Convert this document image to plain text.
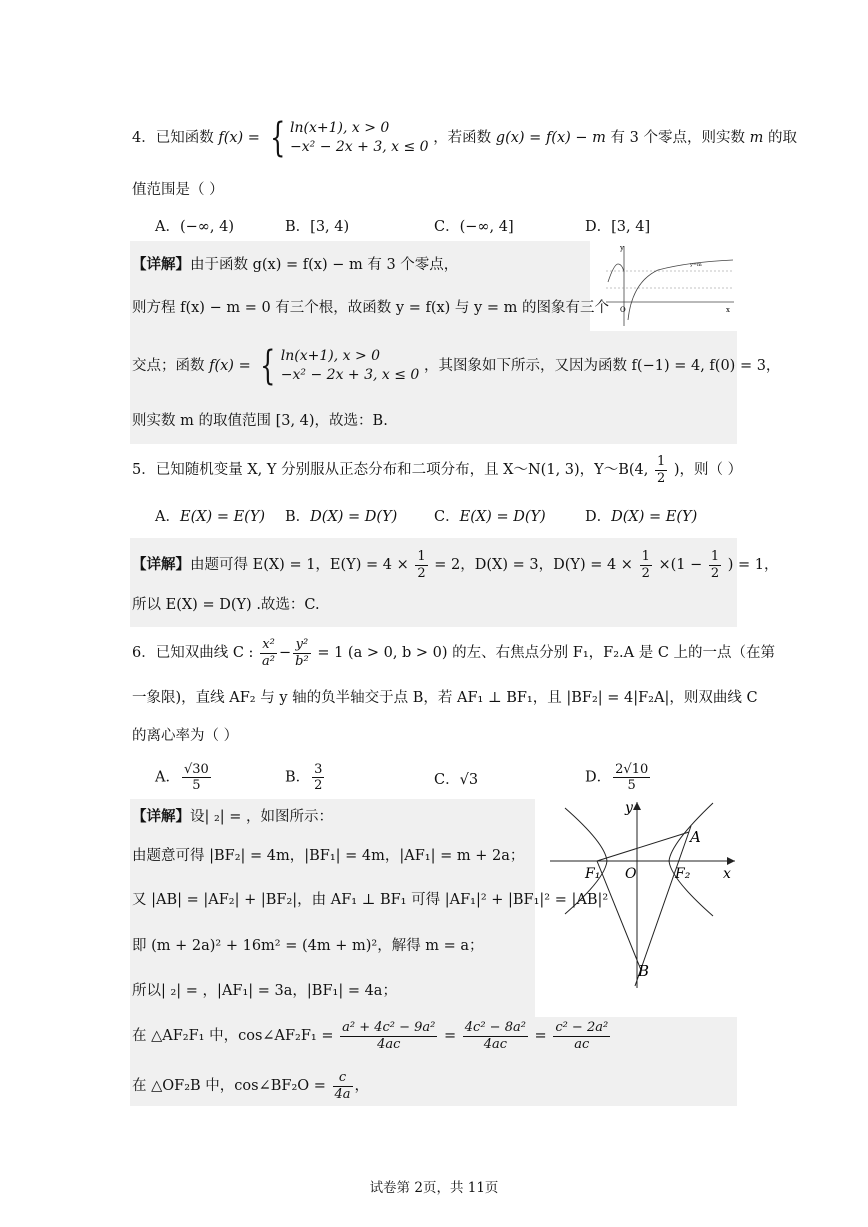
4．已知函数 f(x) = { ln(x+1), x > 0
−x² − 2x + 3, x ≤ 0
，若函数 g(x) = f(x) − m 有 3 个零点，则实数 m 的取
值范围是（ ）
A．(−∞, 4)	B．[3, 4)	C．(−∞, 4]	D．[3, 4]
y
x
O
y=m
【详解】由于函数 g(x) = f(x) − m 有 3 个零点，
则方程 f(x) − m = 0 有三个根，故函数 y = f(x) 与 y = m 的图象有三个
交点；函数 f(x) = { ln(x+1), x > 0
−x² − 2x + 3, x ≤ 0
，其图象如下所示，又因为函数 f(−1) = 4, f(0) = 3，
则实数 m 的取值范围 [3, 4)，故选：B.
5．已知随机变量 X, Y 分别服从正态分布和二项分布，且 X～N(1, 3)，Y～B(4, $\frac{1}{2}$ )，则（ ）
A．E(X) = E(Y) B．D(X) = D(Y)	C．E(X) = D(Y)	D．D(X) = E(Y)
【详解】由题可得 E(X) = 1，$E(Y) = 4 \times \frac{1}{2} = 2$，D(X) = 3，$D(Y) = 4 \times \frac{1}{2} \times(1 - \frac{1}{2}$ ) = 1，
所以 E(X) = D(Y) .故选：C.
6．已知双曲线 C : $\frac{\text{x²}}{\text{a²}} - \frac{\text{y²}}{\text{b²}} = 1$ (a > 0, b > 0) 的左、右焦点分别 F₁，F₂.A 是 C 上的一点（在第
一象限)，直线 AF₂ 与 y 轴的负半轴交于点 B，若 AF₁ ⊥ BF₁，且 |BF₂| = 4|F₂A|，则双曲线 C
的离心率为（ ）
A． $\frac{√30}{5}$	B． $\frac{3}{2}$	C．√3	D． $\frac{2√10}{5}$
【详解】设| ₂| = ，如图所示：
由题意可得 |BF₂| = 4m，|BF₁| = 4m，|AF₁| = m + 2a；
又 |AB| = |AF₂| + |BF₂|，由 AF₁ ⊥ BF₁ 可得 |AF₁|² + |BF₁|² = |AB|²
即 (m + 2a)² + 16m² = (4m + m)²，解得 m = a；
所以| ₂| = ，|AF₁| = 3a，|BF₁| = 4a；
在 △AF₂F₁ 中，cos∠AF₂F₁ = $\frac{\text{a² + 4c² − 9a²}}{4ac} = \frac{\text{4c² − 8a²}}{4ac} = \frac{\text{c² − 2a²}}{ac}$
在 △OF₂B 中，cos∠BF₂O = $\frac{c}{4a}$ ，
A
B
F₁	F₂
O
y
x
试卷第 2页，共 11页
